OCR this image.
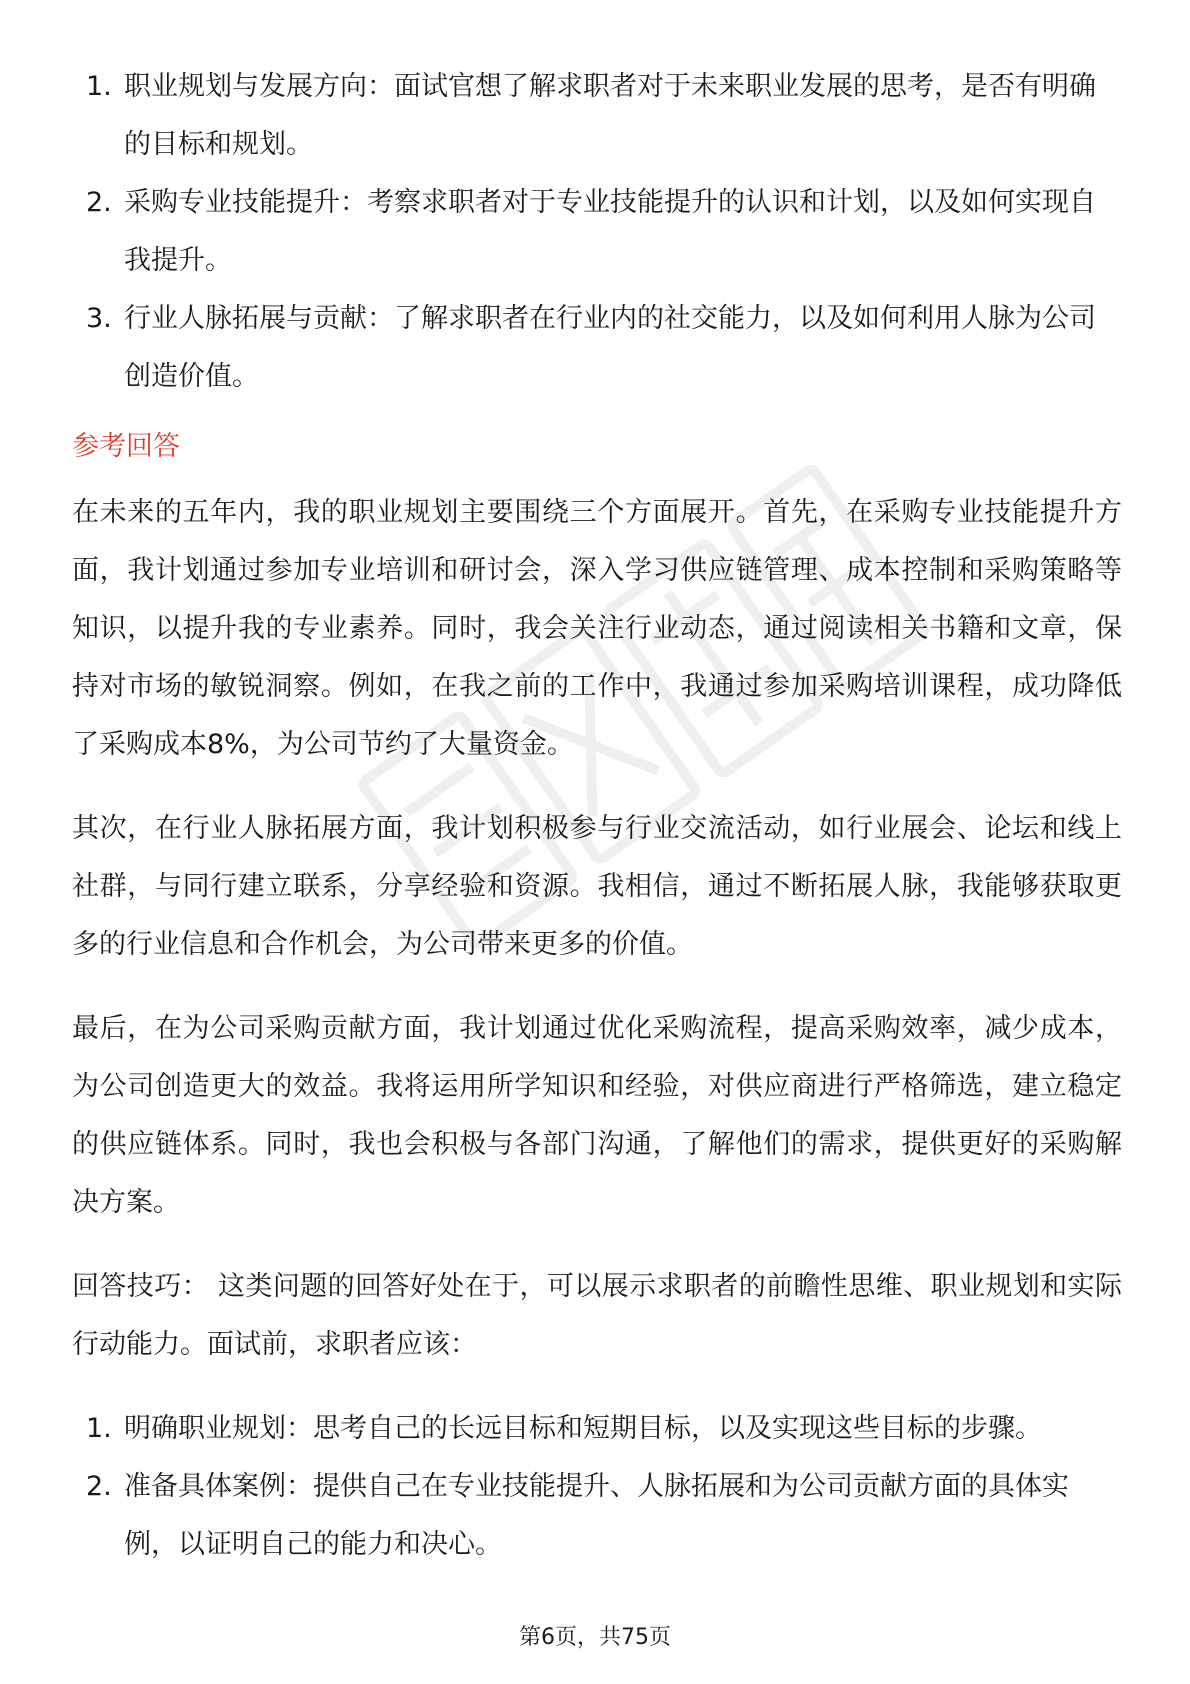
1. 职业规划与发展方向：面试官想了解求职者对于未来职业发展的思考，是否有明确的目标和规划。
2. 采购专业技能提升：考察求职者对于专业技能提升的认识和计划，以及如何实现自我提升。
3. 行业人脉拓展与贡献：了解求职者在行业内的社交能力，以及如何利用人脉为公司创造价值。
参考回答

在未来的五年内，我的职业规划主要围绕三个方面展开。首先，在采购专业技能提升方面，我计划通过参加专业培训和研讨会，深入学习供应链管理、成本控制和采购策略等知识，以提升我的专业素养。同时，我会关注行业动态，通过阅读相关书籍和文章，保持对市场的敏锐洞察。例如，在我之前的工作中，我通过参加采购培训课程，成功降低了采购成本8%，为公司节约了大量资金。

其次，在行业人脉拓展方面，我计划积极参与行业交流活动，如行业展会、论坛和线上社群，与同行建立联系，分享经验和资源。我相信，通过不断拓展人脉，我能够获取更多的行业信息和合作机会，为公司带来更多的价值。

最后，在为公司采购贡献方面，我计划通过优化采购流程，提高采购效率，减少成本，为公司创造更大的效益。我将运用所学知识和经验，对供应商进行严格筛选，建立稳定的供应链体系。同时，我也会积极与各部门沟通，了解他们的需求，提供更好的采购解决方案。

回答技巧： 这类问题的回答好处在于，可以展示求职者的前瞻性思维、职业规划和实际行动能力。面试前，求职者应该：

1. 明确职业规划：思考自己的长远目标和短期目标，以及实现这些目标的步骤。
2. 准备具体案例：提供自己在专业技能提升、人脉拓展和为公司贡献方面的具体实例，以证明自己的能力和决心。
第6页，共75页
